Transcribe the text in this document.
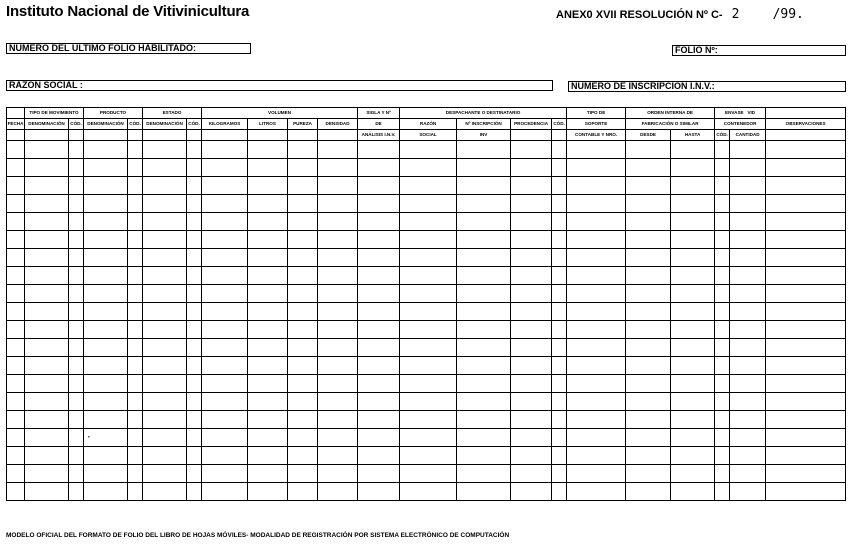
Instituto Nacional de Vitivinicultura	ANEX0 XVII RESOLUCIÓN Nº C- 2	/99.
NÚMERO DEL ULTIMO FOLIO HABILITADO:	FOLIO Nº:
RAZÓN SOCIAL :	NÚMERO DE INSCRIPCIÓN I.N.V.:
	TIPO DE MOVIMIENTO		PRODUCTO		ESTADO		VOLUMEN				SIGLA Y Nº	DESPACHANTE O DESTINATARIO				TIPO DE	ORDEN INTERNA DE		ENVASE VID		
FECHA	DENOMINACIÓN	CÓD.	DENOMINACIÓN	CÓD.	DENOMINACIÓN	CÓD.	KILOGRAMOS	LITROS	PUREZA	DENSIDAD	DE	RAZÓN	Nº INSCRIPCIÓN	PROCEDENCIA	CÓD.	SOPORTE	FABRICACIÓN O SIMILAR		CONTENEDOR		OBSERVACIONES
											ANÁLISIS I.N.V.	SOCIAL	INV			CONTABLE Y NRO.	DESDE	HASTA	CÓD.	CANTIDAD	

			*																		

MODELO OFICIAL DEL FORMATO DE FOLIO DEL LIBRO DE HOJAS MÓVILES- MODALIDAD DE REGISTRACIÓN POR SISTEMA ELECTRÓNICO DE COMPUTACIÓN
